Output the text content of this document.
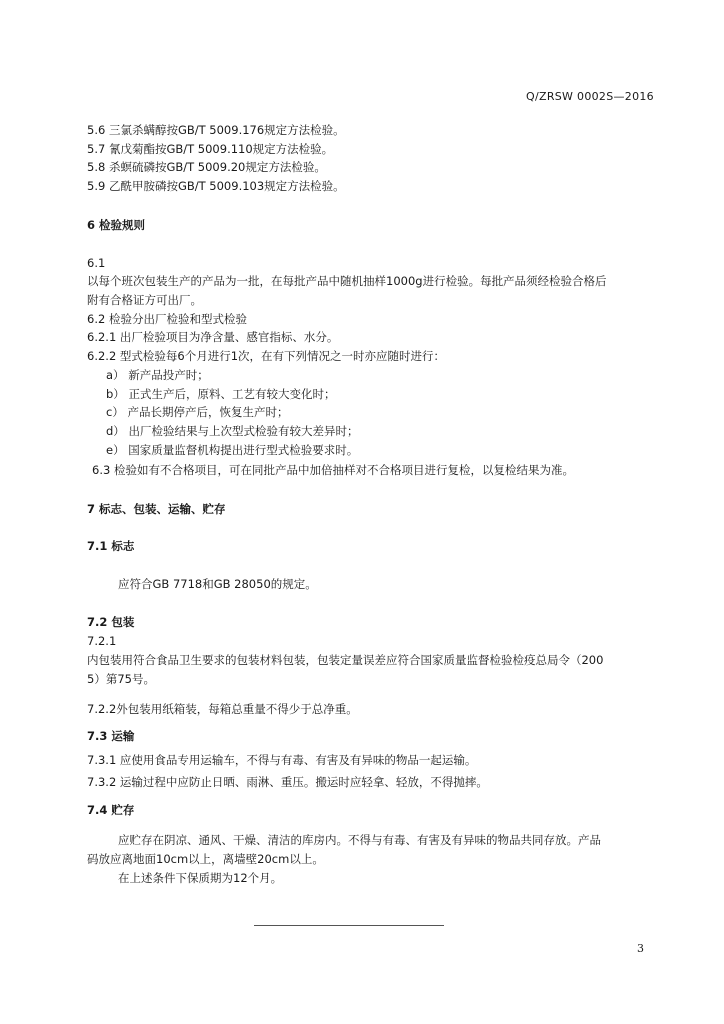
Q/ZRSW 0002S—2016
5.6 三氯杀螨醇按GB/T 5009.176规定方法检验。
5.7 氰戊菊酯按GB/T 5009.110规定方法检验。
5.8 杀螟硫磷按GB/T 5009.20规定方法检验。
5.9 乙酰甲胺磷按GB/T 5009.103规定方法检验。
6 检验规则
6.1
以每个班次包装生产的产品为一批，在每批产品中随机抽样1000g进行检验。每批产品须经检验合格后
附有合格证方可出厂。
6.2 检验分出厂检验和型式检验
6.2.1 出厂检验项目为净含量、感官指标、水分。
6.2.2 型式检验每6个月进行1次，在有下列情况之一时亦应随时进行：
a） 新产品投产时；
b） 正式生产后，原料、工艺有较大变化时；
c） 产品长期停产后，恢复生产时；
d） 出厂检验结果与上次型式检验有较大差异时；
e） 国家质量监督机构提出进行型式检验要求时。
6.3 检验如有不合格项目，可在同批产品中加倍抽样对不合格项目进行复检，以复检结果为准。
7 标志、包装、运输、贮存
7.1 标志
应符合GB 7718和GB 28050的规定。
7.2 包装
7.2.1
内包装用符合食品卫生要求的包装材料包装，包装定量误差应符合国家质量监督检验检疫总局令（200
5）第75号。
7.2.2外包装用纸箱装，每箱总重量不得少于总净重。
7.3 运输
7.3.1 应使用食品专用运输车，不得与有毒、有害及有异味的物品一起运输。
7.3.2 运输过程中应防止日晒、雨淋、重压。搬运时应轻拿、轻放，不得抛摔。
7.4 贮存
应贮存在阴凉、通风、干燥、清洁的库房内。不得与有毒、有害及有异味的物品共同存放。产品
码放应离地面10cm以上，离墙壁20cm以上。
在上述条件下保质期为12个月。
3
